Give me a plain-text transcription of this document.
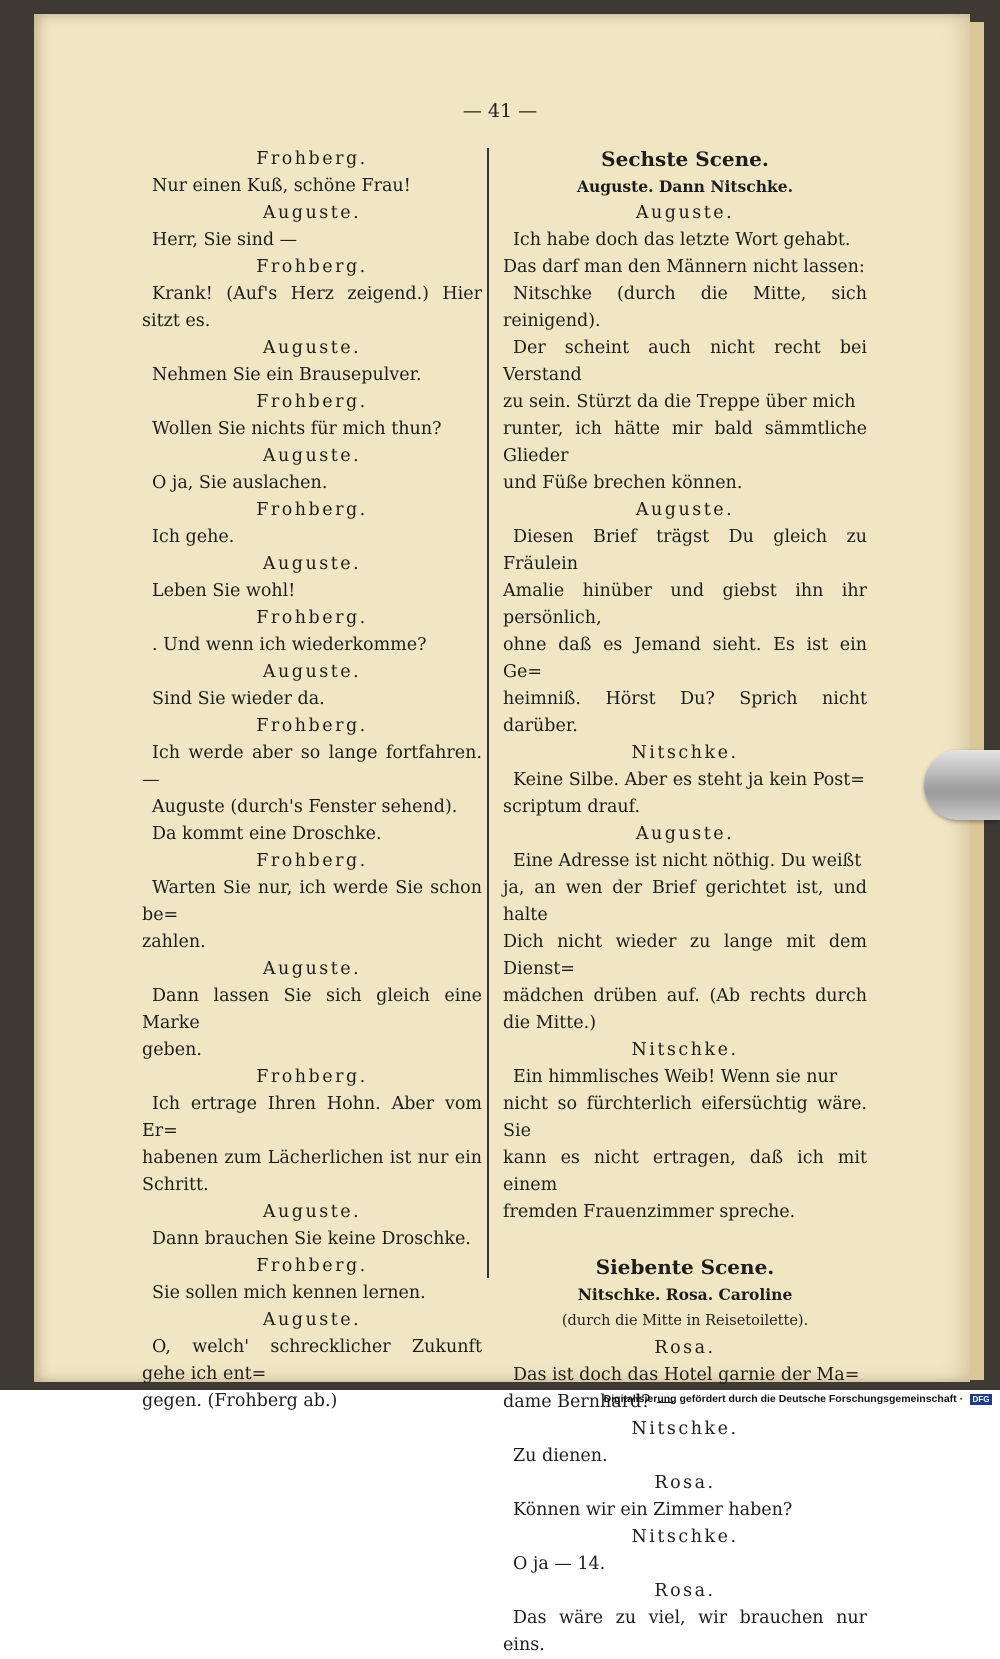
— 41 —

Frohberg.

Nur einen Kuß, schöne Frau!

Auguste.

Herr, Sie sind —

Frohberg.

Krank! (Auf's Herz zeigend.) Hier sitzt es.

Auguste.

Nehmen Sie ein Brausepulver.

Frohberg.

Wollen Sie nichts für mich thun?

Auguste.

O ja, Sie auslachen.

Frohberg.

Ich gehe.

Auguste.

Leben Sie wohl!

Frohberg.

. Und wenn ich wiederkomme?

Auguste.

Sind Sie wieder da.

Frohberg.

Ich werde aber so lange fortfahren. —

Auguste (durch's Fenster sehend).

Da kommt eine Droschke.

Frohberg.

Warten Sie nur, ich werde Sie schon be=

zahlen.

Auguste.

Dann lassen Sie sich gleich eine Marke

geben.

Frohberg.

Ich ertrage Ihren Hohn. Aber vom Er=

habenen zum Lächerlichen ist nur ein Schritt.

Auguste.

Dann brauchen Sie keine Droschke.

Frohberg.

Sie sollen mich kennen lernen.

Auguste.

O, welch' schrecklicher Zukunft gehe ich ent=

gegen. (Frohberg ab.)

Sechste Scene.

Auguste. Dann Nitschke.

Auguste.

Ich habe doch das letzte Wort gehabt.

Das darf man den Männern nicht lassen:

Nitschke (durch die Mitte, sich reinigend).

Der scheint auch nicht recht bei Verstand

zu sein. Stürzt da die Treppe über mich

runter, ich hätte mir bald sämmtliche Glieder

und Füße brechen können.

Auguste.

Diesen Brief trägst Du gleich zu Fräulein

Amalie hinüber und giebst ihn ihr persönlich,

ohne daß es Jemand sieht. Es ist ein Ge=

heimniß. Hörst Du? Sprich nicht darüber.

Nitschke.

Keine Silbe. Aber es steht ja kein Post=

scriptum drauf.

Auguste.

Eine Adresse ist nicht nöthig. Du weißt

ja, an wen der Brief gerichtet ist, und halte

Dich nicht wieder zu lange mit dem Dienst=

mädchen drüben auf. (Ab rechts durch die Mitte.)

Nitschke.

Ein himmlisches Weib! Wenn sie nur

nicht so fürchterlich eifersüchtig wäre. Sie

kann es nicht ertragen, daß ich mit einem

fremden Frauenzimmer spreche.

Siebente Scene.

Nitschke. Rosa. Caroline

(durch die Mitte in Reisetoilette).

Rosa.

Das ist doch das Hotel garnie der Ma=

dame Bernhard? —

Nitschke.

Zu dienen.

Rosa.

Können wir ein Zimmer haben?

Nitschke.

O ja — 14.

Rosa.

Das wäre zu viel, wir brauchen nur eins.

Digitalisierung gefördert durch die Deutsche Forschungsgemeinschaft · DFG
